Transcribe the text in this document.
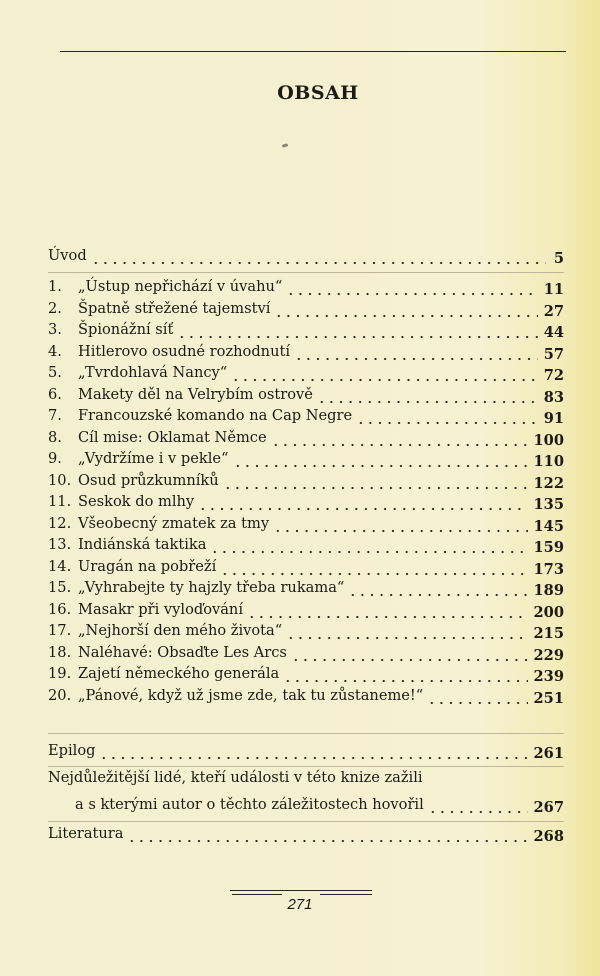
OBSAH
Úvod	5
1.	„Ústup nepřichází v úvahu“	11
2.	Špatně střežené tajemství	27
3.	Špionážní síť	44
4.	Hitlerovo osudné rozhodnutí	57
5.	„Tvrdohlavá Nancy“	72
6.	Makety děl na Velrybím ostrově	83
7.	Francouzské komando na Cap Negre	91
8.	Cíl mise: Oklamat Němce	100
9.	„Vydržíme i v pekle“	110
10. Osud průzkumníků	122
11. Seskok do mlhy	135
12. Všeobecný zmatek za tmy	145
13. Indiánská taktika	159
14. Uragán na pobřeží	173
15. „Vyhrabejte ty hajzly třeba rukama“	189
16. Masakr při vyloďování	200
17. „Nejhorší den mého života“	215
18. Naléhavé: Obsaďte Les Arcs	229
19. Zajetí německého generála	239
20. „Pánové, když už jsme zde, tak tu zůstaneme!“	251
Epilog	261
Nejdůležitější lidé, kteří události v této knize zažili
a s kterými autor o těchto záležitostech hovořil	267
Literatura	268
271
